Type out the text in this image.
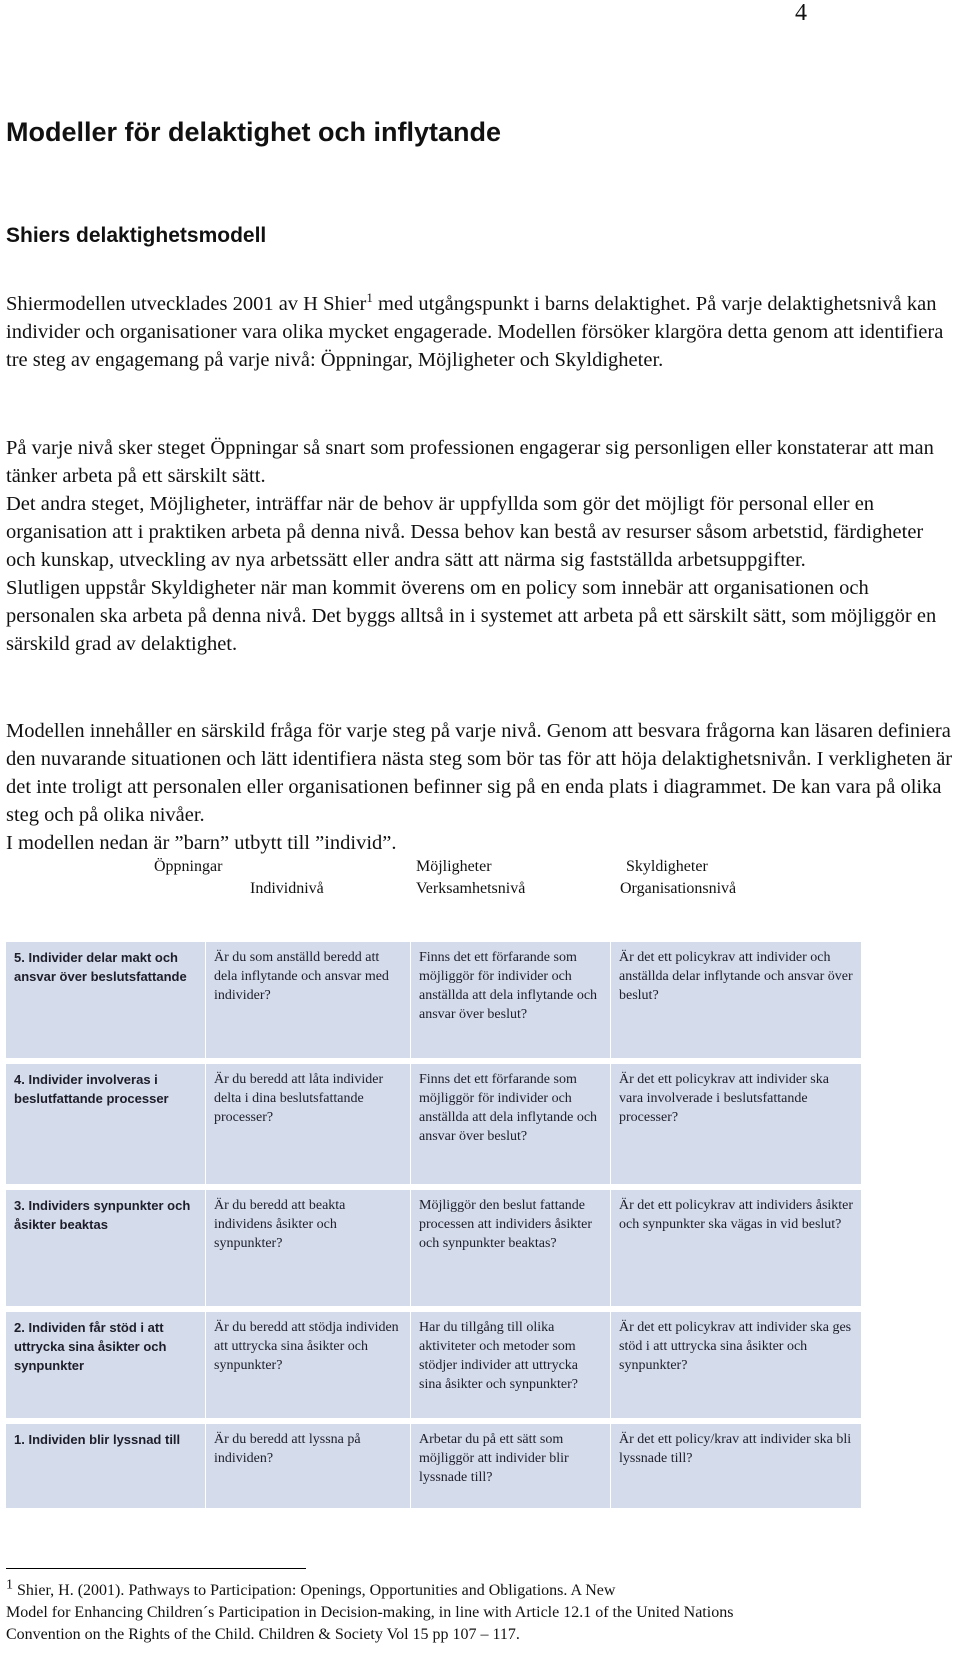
4
Modeller för delaktighet och inflytande
Shiers delaktighetsmodell

Shiermodellen utvecklades 2001 av H Shier$^1$ med utgångspunkt i barns delaktighet. På varje delaktighetsnivå kan individer och organisationer vara olika mycket engagerade. Modellen försöker klargöra detta genom att identifiera tre steg av engagemang på varje nivå: Öppningar, Möjligheter och Skyldigheter.

På varje nivå sker steget Öppningar så snart som professionen engagerar sig personligen eller konstaterar att man tänker arbeta på ett särskilt sätt.

Det andra steget, Möjligheter, inträffar när de behov är uppfyllda som gör det möjligt för personal eller en organisation att i praktiken arbeta på denna nivå. Dessa behov kan bestå av resurser såsom arbetstid, färdigheter och kunskap, utveckling av nya arbetssätt eller andra sätt att närma sig fastställda arbetsuppgifter.

Slutligen uppstår Skyldigheter när man kommit överens om en policy som innebär att organisationen och personalen ska arbeta på denna nivå. Det byggs alltså in i systemet att arbeta på ett särskilt sätt, som möjliggör en särskild grad av delaktighet.

Modellen innehåller en särskild fråga för varje steg på varje nivå. Genom att besvara frågorna kan läsaren definiera den nuvarande situationen och lätt identifiera nästa steg som bör tas för att höja delaktighetsnivån. I verkligheten är det inte troligt att personalen eller organisationen befinner sig på en enda plats i diagrammet. De kan vara på olika steg och på olika nivåer.

I modellen nedan är ”barn” utbytt till ”individ”.

Öppningar
Individnivå
Möjligheter
Verksamhetsnivå
Skyldigheter
Organisationsnivå
5. Individer delar makt och ansvar över beslutsfattande	Är du som anställd beredd att dela inflytande och ansvar med individer?	Finns det ett förfarande som möjliggör för individer och anställda att dela inflytande och ansvar över beslut?	Är det ett policykrav att individer och anställda delar inflytande och ansvar över beslut?
4. Individer involveras i beslutfattande processer	Är du beredd att låta individer delta i dina beslutsfattande processer?	Finns det ett förfarande som möjliggör för individer och anställda att dela inflytande och ansvar över beslut?	Är det ett policykrav att individer ska vara involverade i beslutsfattande processer?
3. Individers synpunkter och åsikter beaktas	Är du beredd att beakta individens åsikter och synpunkter?	Möjliggör den beslut fattande processen att individers åsikter och synpunkter beaktas?	Är det ett policykrav att individers åsikter och synpunkter ska vägas in vid beslut?
2. Individen får stöd i att uttrycka sina åsikter och synpunkter	Är du beredd att stödja individen att uttrycka sina åsikter och synpunkter?	Har du tillgång till olika aktiviteter och metoder som stödjer individer att uttrycka sina åsikter och synpunkter?	Är det ett policykrav att individer ska ges stöd i att uttrycka sina åsikter och synpunkter?
1. Individen blir lyssnad till	Är du beredd att lyssna på individen?	Arbetar du på ett sätt som möjliggör att individer blir lyssnade till?	Är det ett policy/krav att individer ska bli lyssnade till?

$^1$ Shier, H. (2001). Pathways to Participation: Openings, Opportunities and Obligations. A New

Model for Enhancing Children´s Participation in Decision-making, in line with Article 12.1 of the United Nations

Convention on the Rights of the Child. Children & Society Vol 15 pp 107 – 117.
